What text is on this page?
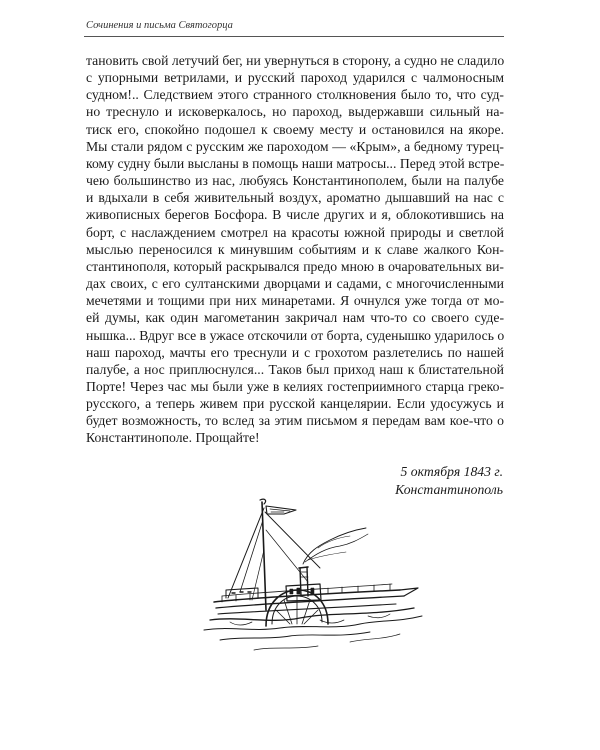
Сочинения и письма Святогорца
тановить свой летучий бег, ни увернуться в сторону, а судно не сладило
с упорными ветрилами, и русский пароход ударился с чалмоносным
судном!.. Следствием этого странного столкновения было то, что суд-
но треснуло и исковеркалось, но пароход, выдержавши сильный на-
тиск его, спокойно подошел к своему месту и остановился на якоре.
Мы стали рядом с русским же пароходом — «Крым», а бедному турец-
кому судну были высланы в помощь наши матросы... Перед этой встре-
чею большинство из нас, любуясь Константинополем, были на палубе
и вдыхали в себя живительный воздух, ароматно дышавший на нас с
живописных берегов Босфора. В числе других и я, облокотившись на
борт, с наслаждением смотрел на красоты южной природы и светлой
мыслью переносился к минувшим событиям и к славе жалкого Кон-
стантинополя, который раскрывался предо мною в очаровательных ви-
дах своих, с его султанскими дворцами и садами, с многочисленными
мечетями и тощими при них минаретами. Я очнулся уже тогда от мо-
ей думы, как один магометанин закричал нам что-то со своего суде-
нышка... Вдруг все в ужасе отскочили от борта, суденышко ударилось о
наш пароход, мачты его треснули и с грохотом разлетелись по нашей
палубе, а нос приплюснулся... Таков был приход наш к блистательной
Порте! Через час мы были уже в келиях гостеприимного старца греко-
русского, а теперь живем при русской канцелярии. Если удосужусь и
будет возможность, то вслед за этим письмом я передам вам кое-что о
Константинополе. Прощайте!
5 октября 1843 г.
Константинополь
